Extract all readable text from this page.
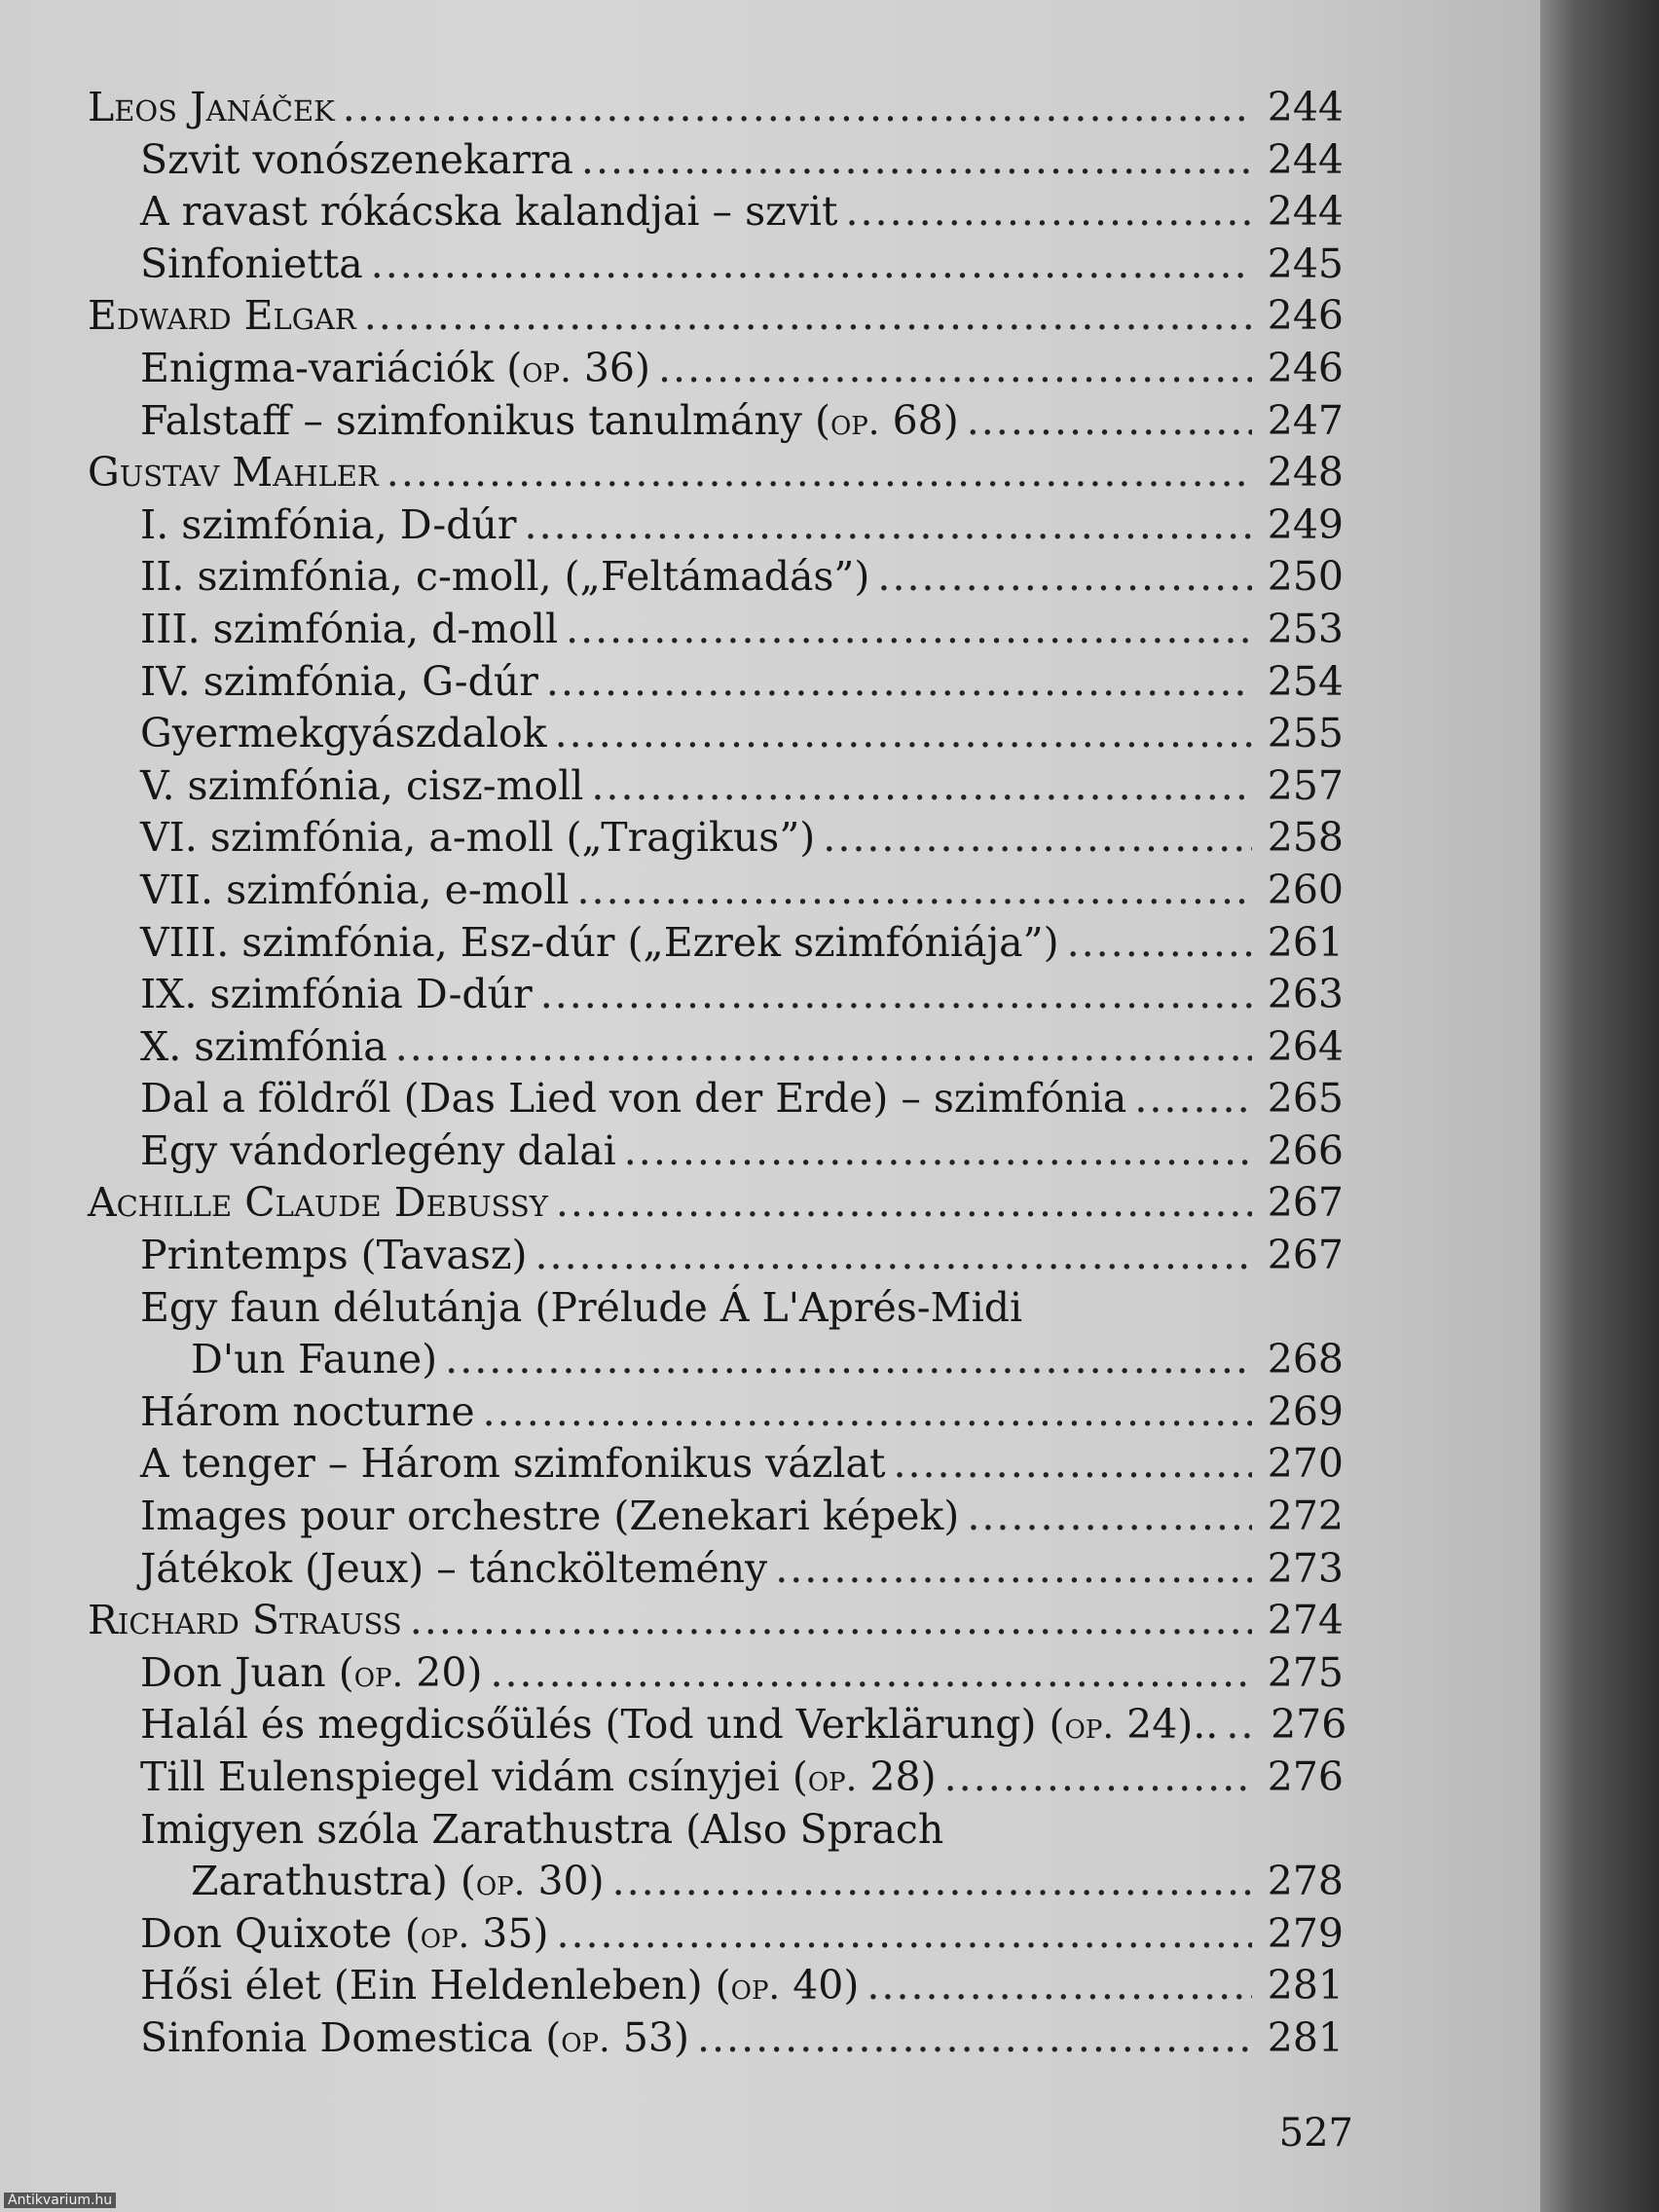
Leos Janáček .....	244
Szvit vonószenekarra .....	244
A ravast rókácska kalandjai – szvit .....	244
Sinfonietta .....	245
Edward Elgar .....	246
Enigma-variációk (op. 36) .....	246
Falstaff – szimfonikus tanulmány (op. 68) .....	247
Gustav Mahler .....	248
I. szimfónia, D-dúr .....	249
II. szimfónia, c-moll, („Feltámadás”) .....	250
III. szimfónia, d-moll .....	253
IV. szimfónia, G-dúr .....	254
Gyermekgyászdalok .....	255
V. szimfónia, cisz-moll .....	257
VI. szimfónia, a-moll („Tragikus”) .....	258
VII. szimfónia, e-moll .....	260
VIII. szimfónia, Esz-dúr („Ezrek szimfóniája”) .....	261
IX. szimfónia D-dúr .....	263
X. szimfónia .....	264
Dal a földről (Das Lied von der Erde) – szimfónia .....	265
Egy vándorlegény dalai .....	266
Achille Claude Debussy .....	267
Printemps (Tavasz) .....	267
Egy faun délutánja (Prélude Á L'Aprés-Midi
D'un Faune) .....	268
Három nocturne .....	269
A tenger – Három szimfonikus vázlat .....	270
Images pour orchestre (Zenekari képek) .....	272
Játékok (Jeux) – táncköltemény .....	273
Richard Strauss .....	274
Don Juan (op. 20) .....	275
Halál és megdicsőülés (Tod und Verklärung) (op. 24).. ..... 276
Till Eulenspiegel vidám csínyjei (op. 28) .....	276
Imigyen szóla Zarathustra (Also Sprach
Zarathustra) (op. 30) .....	278
Don Quixote (op. 35) .....	279
Hősi élet (Ein Heldenleben) (op. 40) .....	281
Sinfonia Domestica (op. 53) .....	281
527
Antikvarium.hu
